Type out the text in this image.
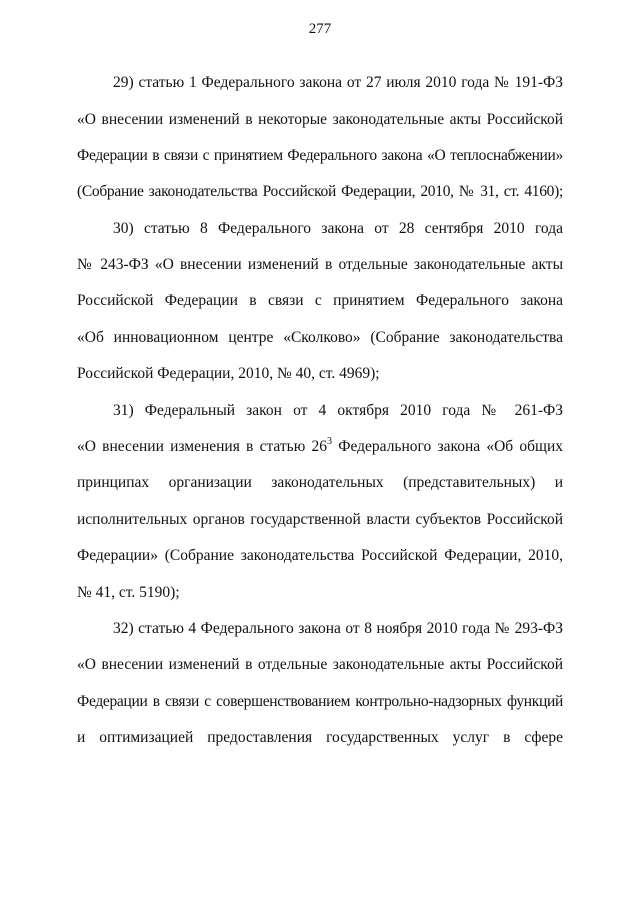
277
29) статью 1 Федерального закона от 27 июля 2010 года № 191-ФЗ
«О внесении изменений в некоторые законодательные акты Российской
Федерации в связи с принятием Федерального закона «О теплоснабжении»
(Собрание законодательства Российской Федерации, 2010, № 31, ст. 4160);
30) статью 8 Федерального закона от 28 сентября 2010 года
№ 243-ФЗ «О внесении изменений в отдельные законодательные акты
Российской Федерации в связи с принятием Федерального закона
«Об инновационном центре «Сколково» (Собрание законодательства
Российской Федерации, 2010, № 40, ст. 4969);
31) Федеральный закон от 4 октября 2010 года № 261-ФЗ
«О внесении изменения в статью $26^3$ Федерального закона «Об общих
принципах организации законодательных (представительных) и
исполнительных органов государственной власти субъектов Российской
Федерации» (Собрание законодательства Российской Федерации, 2010,
№ 41, ст. 5190);
32) статью 4 Федерального закона от 8 ноября 2010 года № 293-ФЗ
«О внесении изменений в отдельные законодательные акты Российской
Федерации в связи с совершенствованием контрольно-надзорных функций
и оптимизацией предоставления государственных услуг в сфере
